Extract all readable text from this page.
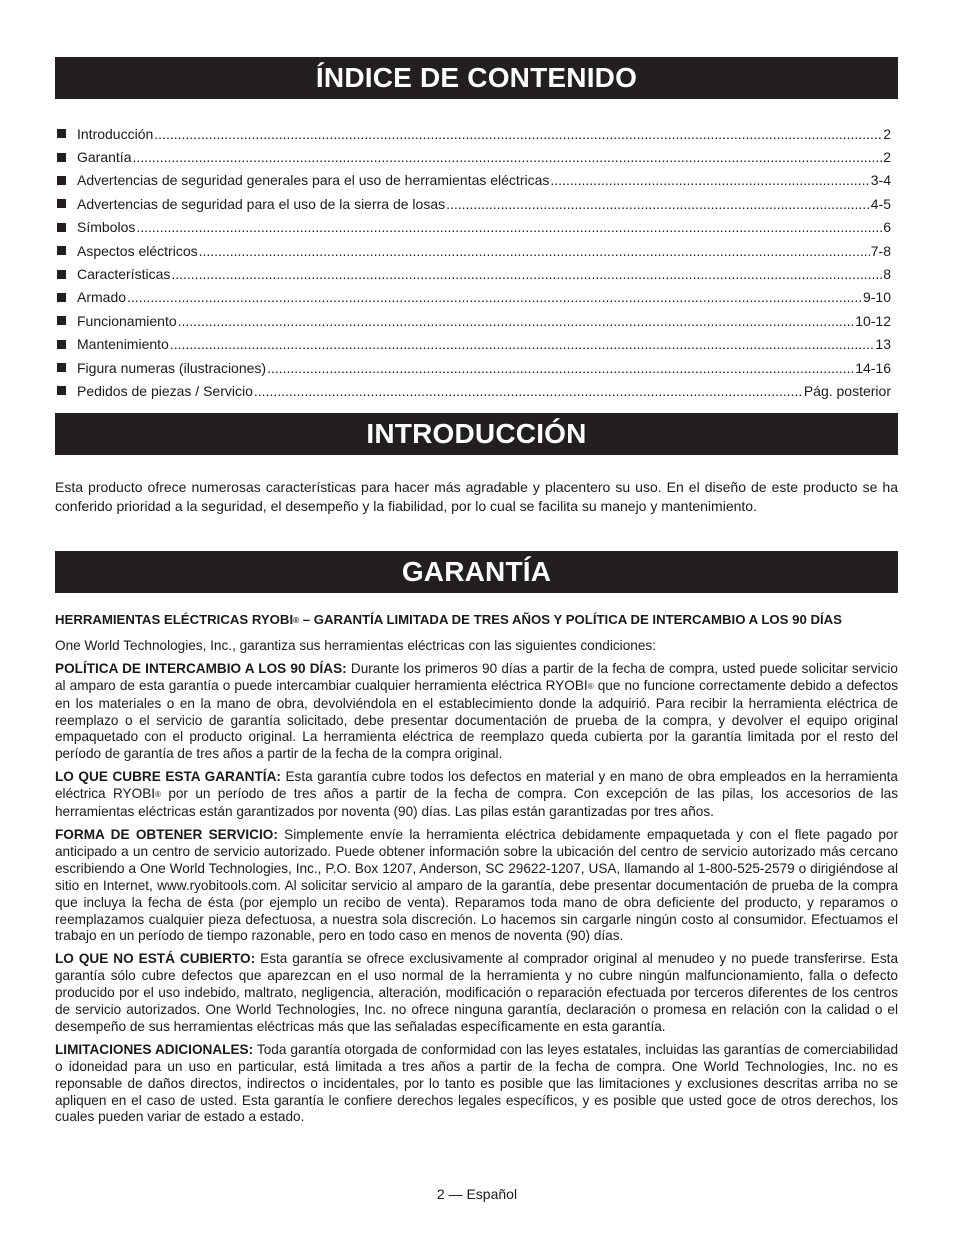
ÍNDICE DE CONTENIDO
Introducción .....	2
Garantía .....	2
Advertencias de seguridad generales para el uso de herramientas eléctricas .....	3-4
Advertencias de seguridad para el uso de la sierra de losas .....	4-5
Símbolos .....	6
Aspectos eléctricos .....	7-8
Características .....	8
Armado .....	9-10
Funcionamiento .....	10-12
Mantenimiento .....	13
Figura numeras (ilustraciones) .....	14-16
Pedidos de piezas / Servicio .....	Pág. posterior
INTRODUCCIÓN

Esta producto ofrece numerosas características para hacer más agradable y placentero su uso. En el diseño de este producto se ha conferido prioridad a la seguridad, el desempeño y la fiabilidad, por lo cual se facilita su manejo y mantenimiento.

GARANTÍA

HERRAMIENTAS ELÉCTRICAS RYOBI® – GARANTÍA LIMITADA DE TRES AÑOS Y POLÍTICA DE INTERCAMBIO A LOS 90 DÍAS

One World Technologies, Inc., garantiza sus herramientas eléctricas con las siguientes condiciones:

POLÍTICA DE INTERCAMBIO A LOS 90 DÍAS: Durante los primeros 90 días a partir de la fecha de compra, usted puede solicitar servicio al amparo de esta garantía o puede intercambiar cualquier herramienta eléctrica RYOBI® que no funcione correctamente debido a defectos en los materiales o en la mano de obra, devolviéndola en el establecimiento donde la adquirió. Para recibir la herramienta eléctrica de reemplazo o el servicio de garantía solicitado, debe presentar documentación de prueba de la compra, y devolver el equipo original empaquetado con el producto original. La herramienta eléctrica de reemplazo queda cubierta por la garantía limitada por el resto del período de garantía de tres años a partir de la fecha de la compra original.

LO QUE CUBRE ESTA GARANTÍA: Esta garantía cubre todos los defectos en material y en mano de obra empleados en la herramienta eléctrica RYOBI® por un período de tres años a partir de la fecha de compra. Con excepción de las pilas, los accesorios de las herramientas eléctricas están garantizados por noventa (90) días. Las pilas están garantizadas por tres años.

FORMA DE OBTENER SERVICIO: Simplemente envíe la herramienta eléctrica debidamente empaquetada y con el flete pagado por anticipado a un centro de servicio autorizado. Puede obtener información sobre la ubicación del centro de servicio autorizado más cercano escribiendo a One World Technologies, Inc., P.O. Box 1207, Anderson, SC 29622-1207, USA, llamando al 1-800-525-2579 o dirigiéndose al sitio en Internet, www.ryobitools.com. Al solicitar servicio al amparo de la garantía, debe presentar documentación de prueba de la compra que incluya la fecha de ésta (por ejemplo un recibo de venta). Reparamos toda mano de obra deficiente del producto, y reparamos o reemplazamos cualquier pieza defectuosa, a nuestra sola discreción. Lo hacemos sin cargarle ningún costo al consumidor. Efectuamos el trabajo en un período de tiempo razonable, pero en todo caso en menos de noventa (90) días.

LO QUE NO ESTÁ CUBIERTO: Esta garantía se ofrece exclusivamente al comprador original al menudeo y no puede transferirse. Esta garantía sólo cubre defectos que aparezcan en el uso normal de la herramienta y no cubre ningún malfuncionamiento, falla o defecto producido por el uso indebido, maltrato, negligencia, alteración, modificación o reparación efectuada por terceros diferentes de los centros de servicio autorizados. One World Technologies, Inc. no ofrece ninguna garantía, declaración o promesa en relación con la calidad o el desempeño de sus herramientas eléctricas más que las señaladas específicamente en esta garantía.

LIMITACIONES ADICIONALES: Toda garantía otorgada de conformidad con las leyes estatales, incluidas las garantías de comerciabilidad o idoneidad para un uso en particular, está limitada a tres años a partir de la fecha de compra. One World Technologies, Inc. no es reponsable de daños directos, indirectos o incidentales, por lo tanto es posible que las limitaciones y exclusiones descritas arriba no se apliquen en el caso de usted. Esta garantía le confiere derechos legales específicos, y es posible que usted goce de otros derechos, los cuales pueden variar de estado a estado.

2 — Español
